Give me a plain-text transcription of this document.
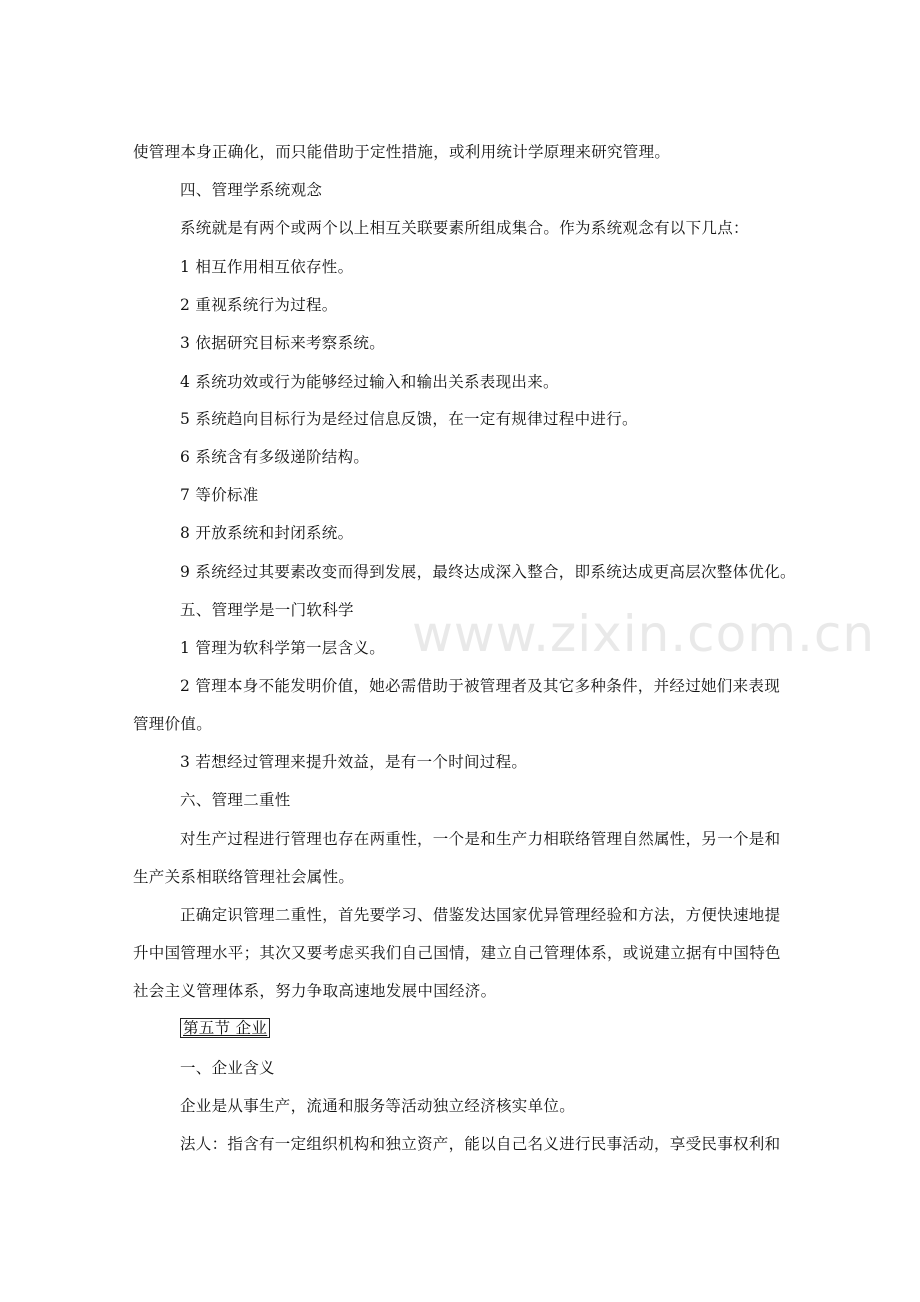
www.zixin.com.cn
使管理本身正确化，而只能借助于定性措施，或利用统计学原理来研究管理。
四、管理学系统观念
系统就是有两个或两个以上相互关联要素所组成集合。作为系统观念有以下几点：
1 相互作用相互依存性。
2 重视系统行为过程。
3 依据研究目标来考察系统。
4 系统功效或行为能够经过输入和输出关系表现出来。
5 系统趋向目标行为是经过信息反馈，在一定有规律过程中进行。
6 系统含有多级递阶结构。
7 等价标准
8 开放系统和封闭系统。
9 系统经过其要素改变而得到发展，最终达成深入整合，即系统达成更高层次整体优化。
五、管理学是一门软科学
1 管理为软科学第一层含义。
2 管理本身不能发明价值，她必需借助于被管理者及其它多种条件，并经过她们来表现
管理价值。
3 若想经过管理来提升效益，是有一个时间过程。
六、管理二重性
对生产过程进行管理也存在两重性，一个是和生产力相联络管理自然属性，另一个是和
生产关系相联络管理社会属性。
正确定识管理二重性，首先要学习、借鉴发达国家优异管理经验和方法，方便快速地提
升中国管理水平；其次又要考虑买我们自己国情，建立自己管理体系，或说建立据有中国特色
社会主义管理体系，努力争取高速地发展中国经济。
第五节 企业
一、企业含义
企业是从事生产，流通和服务等活动独立经济核实单位。
法人：指含有一定组织机构和独立资产，能以自己名义进行民事活动，享受民事权利和
